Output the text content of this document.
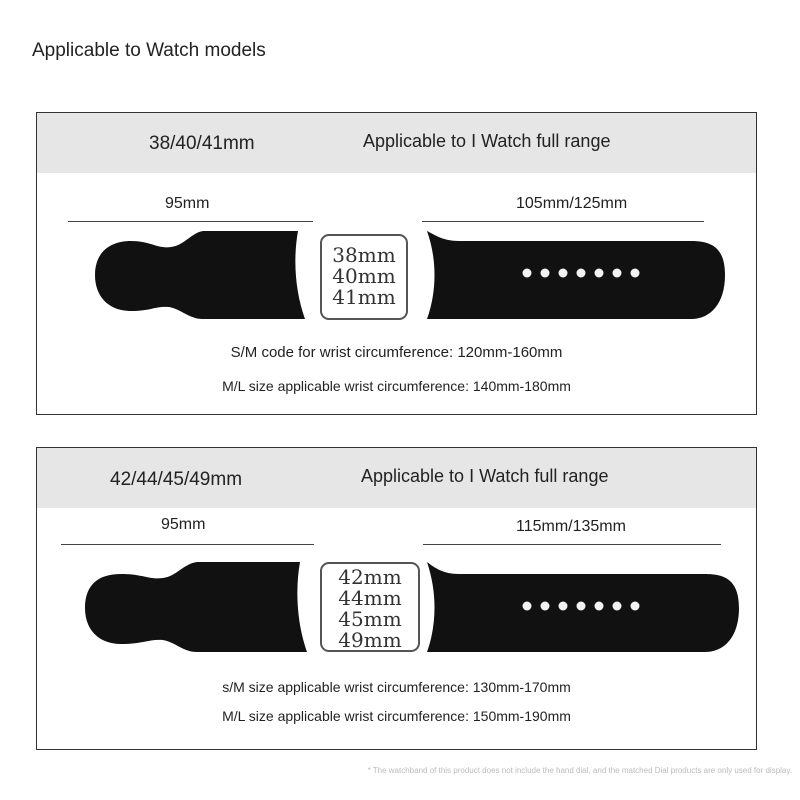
Applicable to Watch models
38/40/41mm	Applicable to I Watch full range
95mm	105mm/125mm
38mm
40mm
41mm
S/M code for wrist circumference: 120mm-160mm
M/L size applicable wrist circumference: 140mm-180mm
42/44/45/49mm	Applicable to I Watch full range
95mm	115mm/135mm
42mm
44mm
45mm
49mm
s/M size applicable wrist circumference: 130mm-170mm
M/L size applicable wrist circumference: 150mm-190mm
* The watchband of this product does not include the hand dial, and the matched Dial products are only used for display.
